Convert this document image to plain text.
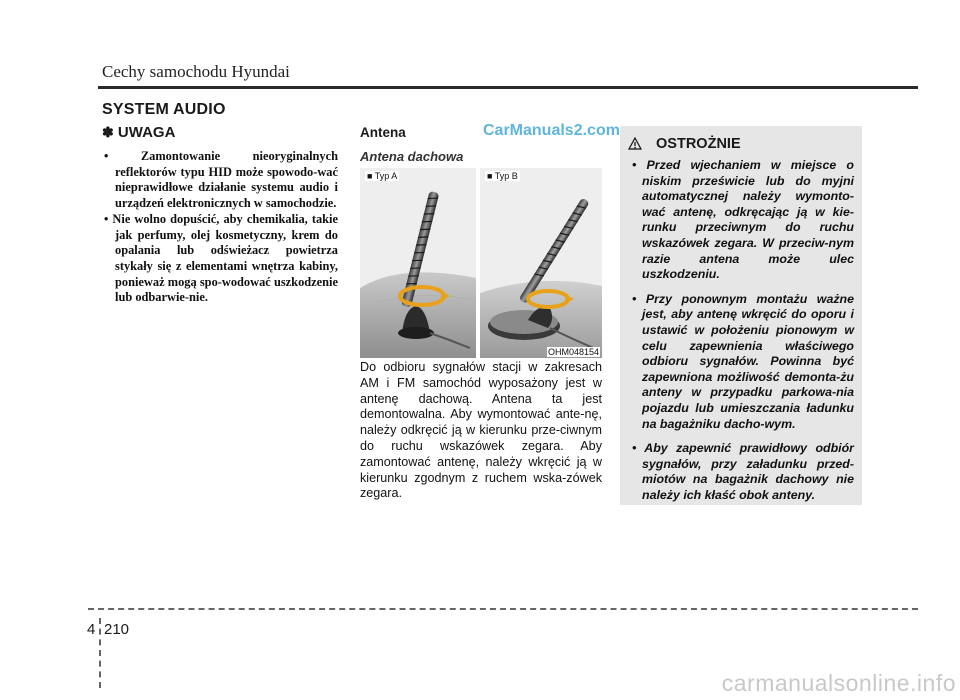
Cechy samochodu Hyundai
SYSTEM AUDIO
✽ UWAGA
• Zamontowanie nieoryginalnych reflektorów typu HID może spowodo-wać nieprawidłowe działanie systemu audio i urządzeń elektronicznych w samochodzie.
• Nie wolno dopuścić, aby chemikalia, takie jak perfumy, olej kosmetyczny, krem do opalania lub odświeżacz powietrza stykały się z elementami wnętrza kabiny, ponieważ mogą spo-wodować uszkodzenie lub odbarwie-nie.
Antena	CarManuals2.com
Antena dachowa
■ Typ A	■ Typ B
OHM048154
Do odbioru sygnałów stacji w zakresach AM i FM samochód wyposażony jest w antenę dachową. Antena ta jest demontowalna. Aby wymontować ante-nę, należy odkręcić ją w kierunku prze-ciwnym do ruchu wskazówek zegara. Aby zamontować antenę, należy wkręcić ją w kierunku zgodnym z ruchem wska-zówek zegara.
OSTROŻNIE
• Przed wjechaniem w miejsce o niskim prześwicie lub do myjni automatycznej należy wymonto-wać antenę, odkręcając ją w kie-runku przeciwnym do ruchu wskazówek zegara. W przeciw-nym razie antena może ulec uszkodzeniu.
• Przy ponownym montażu ważne jest, aby antenę wkręcić do oporu i ustawić w położeniu pionowym w celu zapewnienia właściwego odbioru sygnałów. Powinna być zapewniona możliwość demonta-żu anteny w przypadku parkowa-nia pojazdu lub umieszczania ładunku na bagażniku dacho-wym.
• Aby zapewnić prawidłowy odbiór sygnałów, przy załadunku przed-miotów na bagażnik dachowy nie należy ich kłaść obok anteny.
4 210
carmanualsonline.info
